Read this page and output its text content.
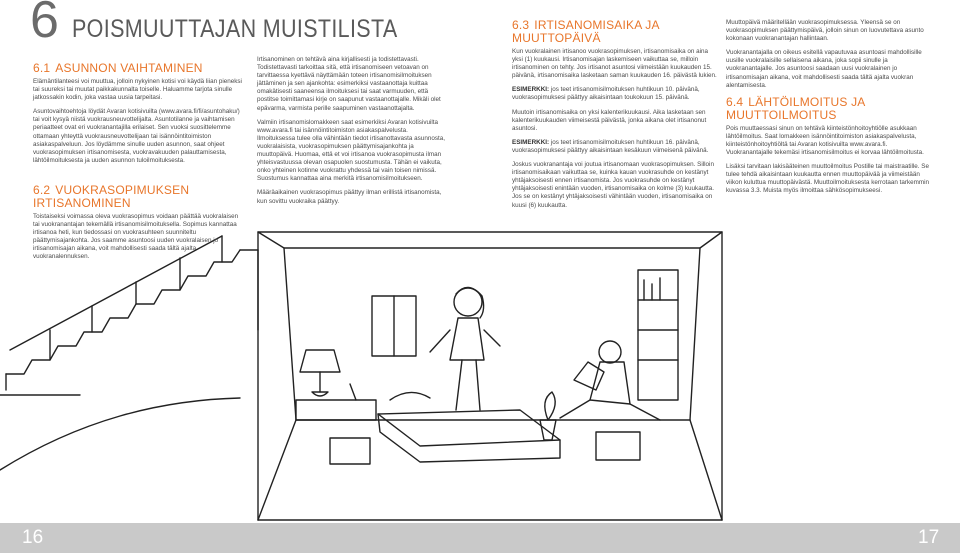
6 POISMUUTTAJAN MUISTILISTA
6.1 ASUNNON VAIHTAMINEN

Elämäntilanteesi voi muuttua, jolloin nykyinen kotisi voi käydä liian pieneksi tai suureksi tai muutat paikkakunnalta toiselle. Haluamme tarjota sinulle jatkossakin kodin, joka vastaa uusia tarpeitasi.

Asuntovaihtoehtoja löydät Avaran kotisivuilta (www.avara.fi/fi/asuntohaku/) tai voit kysyä niistä vuokrausneuvottelijalta. Asuntotilanne ja vaihtamisen periaatteet ovat eri vuokranantajilla erilaiset. Sen vuoksi suosittelemme ottamaan yhteyttä vuokrausneuvottelijaan tai isännöintitoimiston asiakaspalveluun. Jos löydämme sinulle uuden asunnon, saat ohjeet vuokrasopimuksen irtisanomisesta, vuokravakuuden palauttamisesta, lähtöilmoituksesta ja uuden asunnon tuloilmoituksesta.

6.2 VUOKRASOPIMUKSEN IRTISANOMINEN

Toistaiseksi voimassa oleva vuokrasopimus voidaan päättää vuokralaisen tai vuokranantajan tekemällä irtisanomisilmoituksella. Sopimus kannattaa irtisanoa heti, kun tiedossasi on vuokrasuhteen suunniteltu päättymisajankohta. Jos saamme asuntoosi uuden vuokralaisen jo irtisanomisajan aikana, voit mahdollisesti saada tältä ajalta vuokranalennuksen.

Irtisanominen on tehtävä aina kirjallisesti ja todistettavasti. Todistettavasti tarkoittaa sitä, että irtisanomiseen vetoavan on tarvittaessa kyettävä näyttämään toteen irtisanomisilmoituksen jättäminen ja sen ajankohta: esimerkiksi vastaanottaja kuittaa omakätisesti saaneensa ilmoituksesi tai saat varmuuden, että postitse toimittamasi kirje on saapunut vastaanottajalle. Mikäli olet epävarma, varmista perille saapuminen vastaanottajalta.

Valmiin irtisanomislomakkeen saat esimerkiksi Avaran kotisivuilta www.avara.fi tai isännöintitoimiston asiakaspalvelusta. Ilmoituksessa tulee olla vähintään tiedot irtisanottavasta asunnosta, vuokralaisista, vuokrasopimuksen päättymisajankohta ja muuttopäivä. Huomaa, että et voi irtisanoa vuokrasopimusta ilman yhteisvastuussa olevan osapuolen suostumusta. Tähän ei vaikuta, onko yhteinen kotinne vuokrattu yhdessä tai vain toisen nimissä. Suostumus kannattaa aina merkitä irtisanomisilmoitukseen.

Määräaikainen vuokrasopimus päättyy ilman erillistä irtisanomista, kun sovittu vuokraika päättyy.

6.3 IRTISANOMISAIKA JA MUUTTOPÄIVÄ

Kun vuokralainen irtisanoo vuokrasopimuksen, irtisanomisaika on aina yksi (1) kuukausi. Irtisanomisajan laskemiseen vaikuttaa se, milloin irtisanominen on tehty. Jos irtisanot asuntosi viimeistään kuukauden 15. päivänä, irtisanomisaika lasketaan saman kuukauden 16. päivästä lukien.

ESIMERKKI: jos teet irtisanomisilmoituksen huhtikuun 10. päivänä, vuokrasopimuksesi päättyy aikaisintaan toukokuun 15. päivänä.

Muutoin irtisanomisaika on yksi kalenterikuukausi. Aika lasketaan sen kalenterikuukauden viimeisestä päivästä, jonka aikana olet irtisanonut asuntosi.

ESIMERKKI: jos teet irtisanomisilmoituksen huhtikuun 16. päivänä, vuokrasopimuksesi päättyy aikaisintaan kesäkuun viimeisenä päivänä.

Joskus vuokranantaja voi joutua irtisanomaan vuokrasopimuksen. Silloin irtisanomisaikaan vaikuttaa se, kuinka kauan vuokrasuhde on kestänyt yhtäjaksoisesti ennen irtisanomista. Jos vuokrasuhde on kestänyt yhtäjaksoisesti enintään vuoden, irtisanomisaika on kolme (3) kuukautta. Jos se on kestänyt yhtäjaksoisesti vähintään vuoden, irtisanomisaika on kuusi (6) kuukautta.

Muuttopäivä määritellään vuokrasopimuksessa. Yleensä se on vuokrasopimuksen päättymispäivä, jolloin sinun on luovutettava asunto kokonaan vuokranantajan hallintaan.

Vuokranantajalla on oikeus esitellä vapautuvaa asuntoasi mahdollisille uusille vuokralaisille sellaisena aikana, joka sopii sinulle ja vuokranantajalle. Jos asuntoosi saadaan uusi vuokralainen jo irtisanomisajan aikana, voit mahdollisesti saada tältä ajalta vuokran alentamisesta.

6.4 LÄHTÖILMOITUS JA MUUTTOILMOITUS

Pois muuttaessasi sinun on tehtävä kiinteistönhoitoyhtiölle asukkaan lähtöilmoitus. Saat lomakkeen isännöintitoimiston asiakaspalvelusta, kiinteistönhoitoyhtiöltä tai Avaran kotisivuilta www.avara.fi. Vuokranantajalle tekemäsi irtisanomisilmoitus ei korvaa lähtöilmoitusta.

Lisäksi tarvitaan lakisääteinen muuttoilmoitus Postille tai maistraatille. Se tulee tehdä aikaisintaan kuukautta ennen muuttopäivää ja viimeistään viikon kuluttua muuttopäivästä. Muuttoilmoituksesta kerrotaan tarkemmin kuvassa 3.3. Muista myös ilmoittaa sähkösopimukseesi.

16	17
